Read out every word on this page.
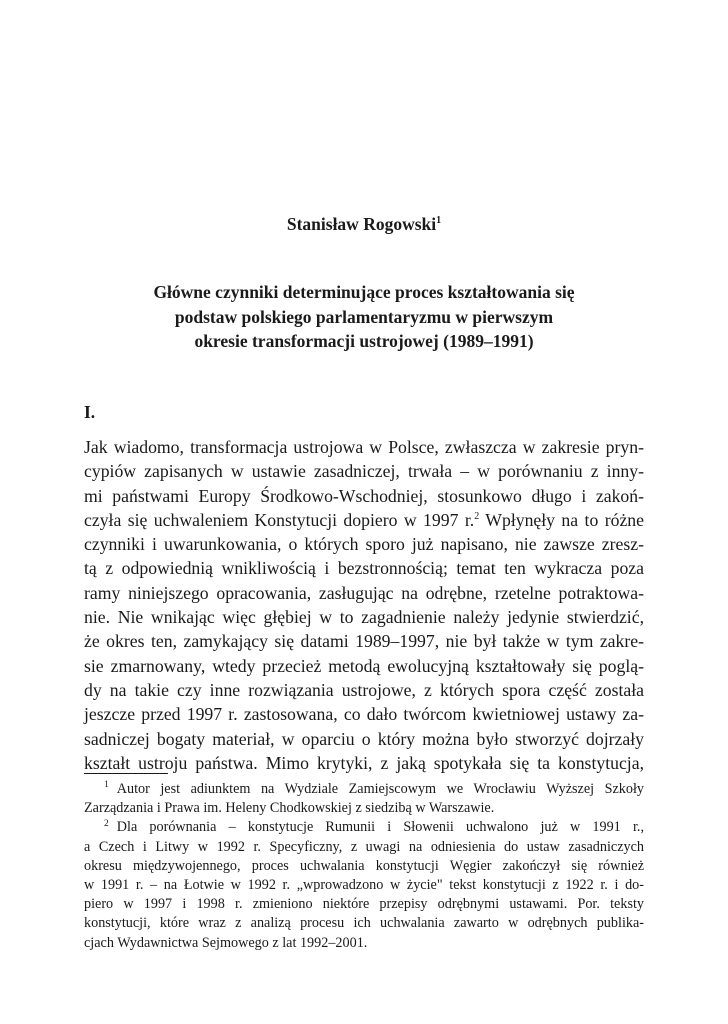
Stanisław Rogowski$^1$
Główne czynniki determinujące proces kształtowania się
podstaw polskiego parlamentaryzmu w pierwszym
okresie transformacji ustrojowej (1989–1991)
I.
Jak wiadomo, transformacja ustrojowa w Polsce, zwłaszcza w zakresie pryn-
cypiów zapisanych w ustawie zasadniczej, trwała – w porównaniu z inny-
mi państwami Europy Środkowo-Wschodniej, stosunkowo długo i zakoń-
czyła się uchwaleniem Konstytucji dopiero w 1997 r.$^2$ Wpłynęły na to różne
czynniki i uwarunkowania, o których sporo już napisano, nie zawsze zresz-
tą z odpowiednią wnikliwością i bezstronnością; temat ten wykracza poza
ramy niniejszego opracowania, zasługując na odrębne, rzetelne potraktowa-
nie. Nie wnikając więc głębiej w to zagadnienie należy jedynie stwierdzić,
że okres ten, zamykający się datami 1989–1997, nie był także w tym zakre-
sie zmarnowany, wtedy przecież metodą ewolucyjną kształtowały się poglą-
dy na takie czy inne rozwiązania ustrojowe, z których spora część została
jeszcze przed 1997 r. zastosowana, co dało twórcom kwietniowej ustawy za-
sadniczej bogaty materiał, w oparciu o który można było stworzyć dojrzały
kształt ustroju państwa. Mimo krytyki, z jaką spotykała się ta konstytucja,
$^1$ Autor jest adiunktem na Wydziale Zamiejscowym we Wrocławiu Wyższej Szkoły
Zarządzania i Prawa im. Heleny Chodkowskiej z siedzibą w Warszawie.
$^2$ Dla porównania – konstytucje Rumunii i Słowenii uchwalono już w 1991 r.,
a Czech i Litwy w 1992 r. Specyficzny, z uwagi na odniesienia do ustaw zasadniczych
okresu międzywojennego, proces uchwalania konstytucji Węgier zakończył się również
w 1991 r. – na Łotwie w 1992 r. „wprowadzono w życie" tekst konstytucji z 1922 r. i do-
piero w 1997 i 1998 r. zmieniono niektóre przepisy odrębnymi ustawami. Por. teksty
konstytucji, które wraz z analizą procesu ich uchwalania zawarto w odrębnych publika-
cjach Wydawnictwa Sejmowego z lat 1992–2001.
